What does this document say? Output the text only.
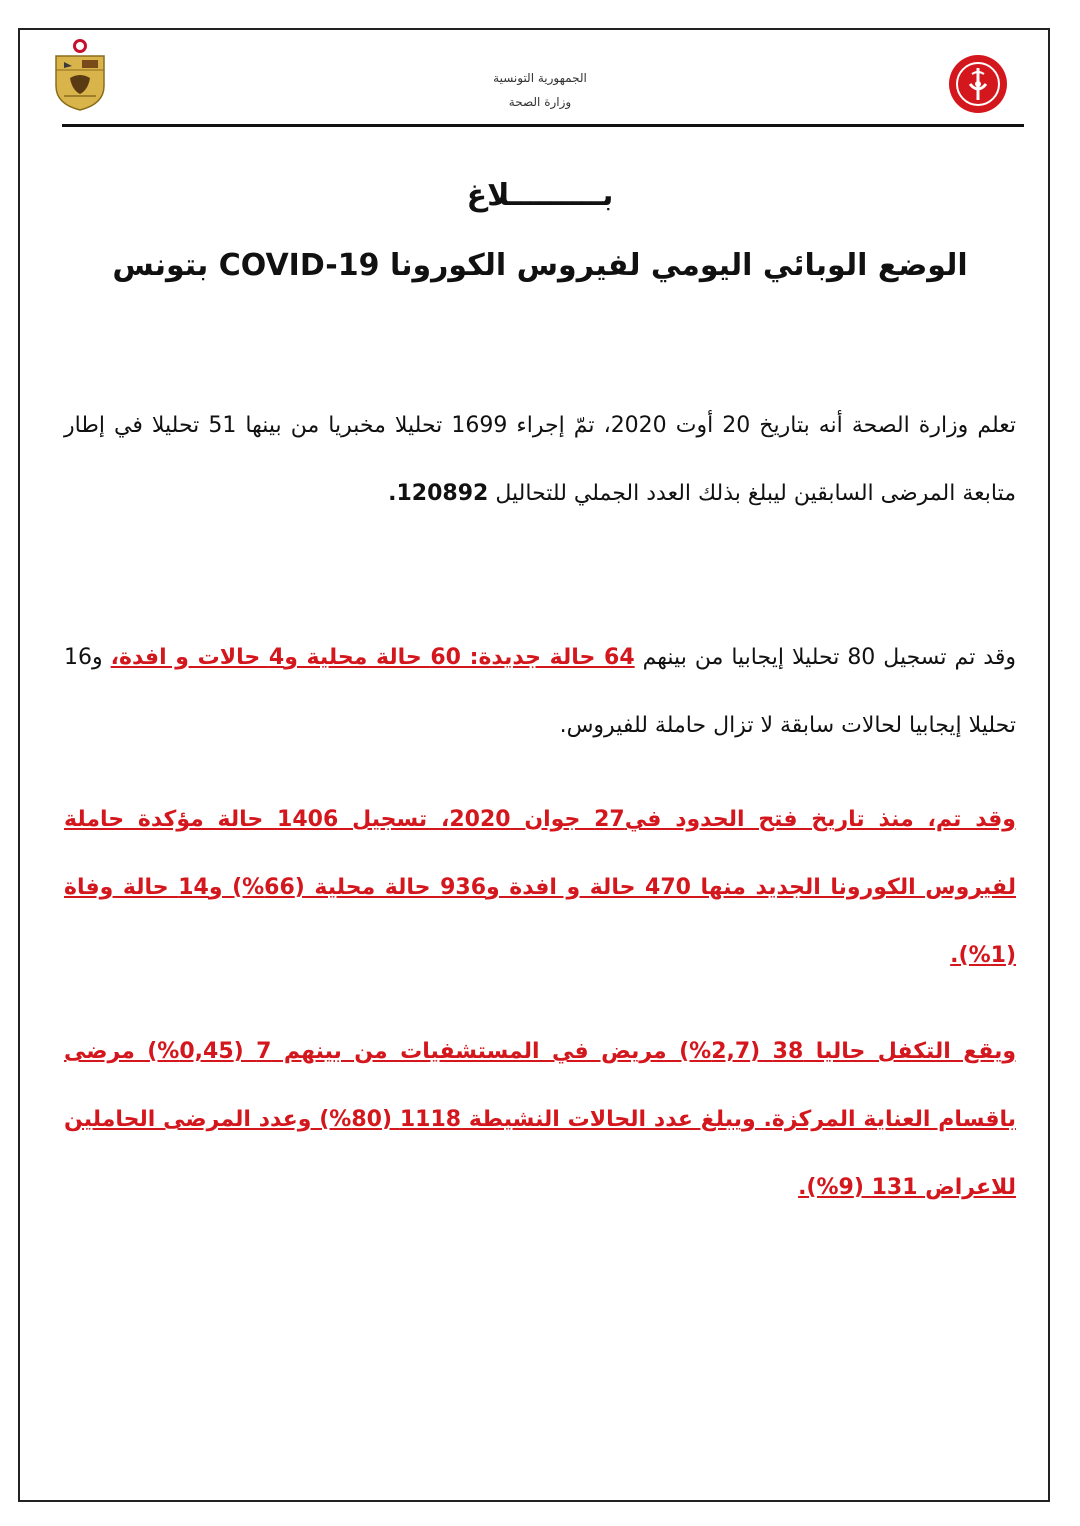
الجمهورية التونسية
وزارة الصحة
بـــــــــلاغ
الوضع الوبائي اليومي لفيروس الكورونا COVID-19 بتونس
تعلم وزارة الصحة أنه بتاريخ 20 أوت 2020، تمّ إجراء 1699 تحليلا مخبريا من بينها 51 تحليلا في إطار متابعة المرضى السابقين ليبلغ بذلك العدد الجملي للتحاليل 120892.
وقد تم تسجيل 80 تحليلا إيجابيا من بينهم 64 حالة جديدة: 60 حالة محلية و4 حالات و افدة، و16 تحليلا إيجابيا لحالات سابقة لا تزال حاملة للفيروس.
وقد تم، منذ تاريخ فتح الحدود في27 جوان 2020، تسجيل 1406 حالة مؤكدة حاملة لفيروس الكورونا الجديد منها 470 حالة و افدة و936 حالة محلية (66%) و14 حالة وفاة (1%).
ويقع التكفل حاليا 38 (2,7%) مريض في المستشفيات من بينهم 7 (0,45%) مرضى باقسام العناية المركزة. ويبلغ عدد الحالات النشيطة 1118 (80%) وعدد المرضى الحاملين للاعراض 131 (9%).
